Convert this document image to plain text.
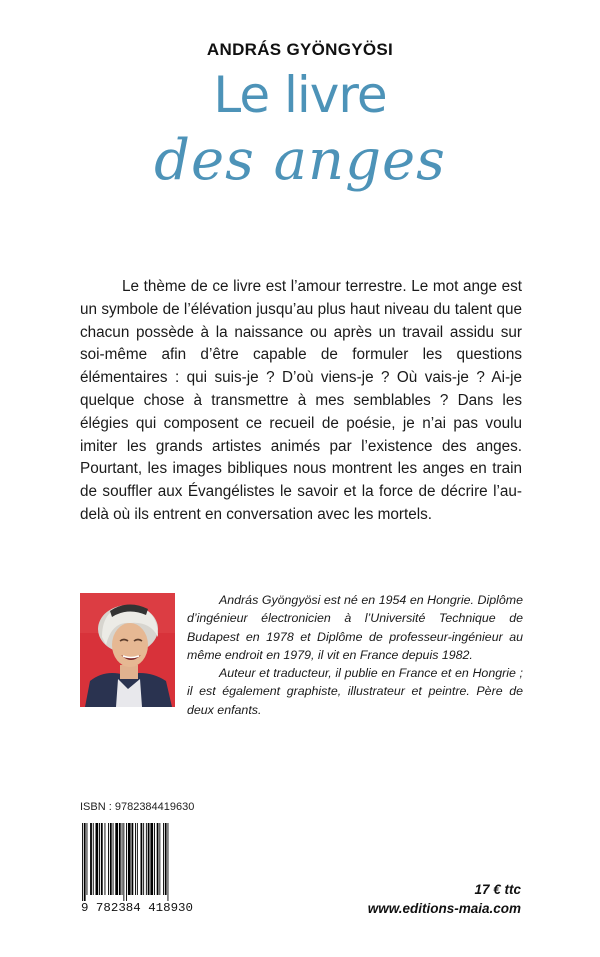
ANDRÁS GYÖNGYÖSI
Le livre
des anges

Le thème de ce livre est l’amour terrestre. Le mot ange est un symbole de l’élévation jusqu’au plus haut niveau du talent que chacun possède à la naissance ou après un travail assidu sur soi-même afin d’être capable de formuler les questions élémentaires : qui suis-je ? D’où viens-je ? Où vais-je ? Ai-je quelque chose à transmettre à mes semblables ? Dans les élégies qui composent ce recueil de poésie, je n’ai pas voulu imiter les grands artistes animés par l’existence des anges. Pourtant, les images bibliques nous montrent les anges en train de souffler aux Évangélistes le savoir et la force de décrire l’au-delà où ils entrent en conversation avec les mortels.

András Gyöngyösi est né en 1954 en Hongrie. Diplôme d’ingénieur électronicien à l’Université Technique de Budapest en 1978 et Diplôme de professeur-ingénieur au même endroit en 1979, il vit en France depuis 1982.

Auteur et traducteur, il publie en France et en Hongrie ; il est également graphiste, illustrateur et peintre. Père de deux enfants.

ISBN : 9782384419630
9 782384 418930
17 € ttc
www.editions-maia.com
